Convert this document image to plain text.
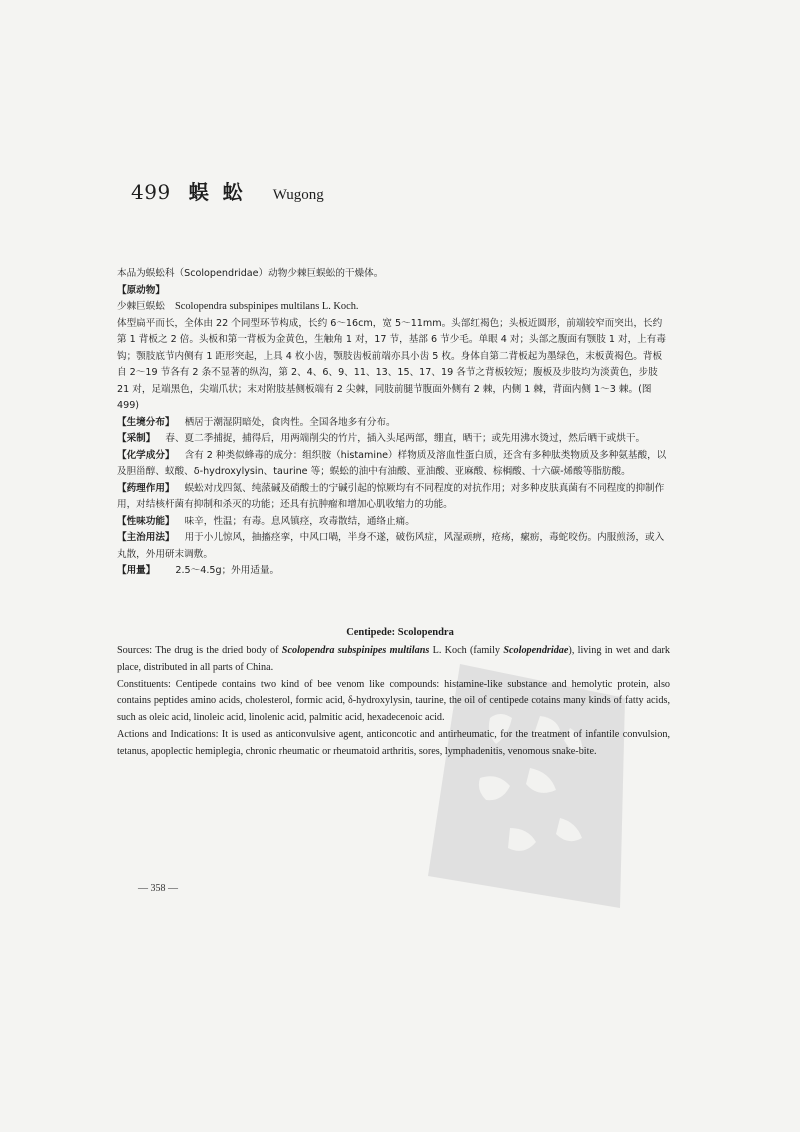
499 蜈蚣 Wugong

本品为蜈蚣科（Scolopendridae）动物少棘巨蜈蚣的干燥体。

【原动物】

少棘巨蜈蚣 Scolopendra subspinipes multilans L. Koch.

体型扁平而长，全体由 22 个同型环节构成，长约 6～16cm，宽 5～11mm。头部红褐色；头板近圆形，前端较窄而突出，长约第 1 背板之 2 倍。头板和第一背板为金黄色，生触角 1 对，17 节，基部 6 节少毛。单眼 4 对；头部之腹面有颚肢 1 对，上有毒钩；颚肢底节内侧有 1 距形突起，上具 4 枚小齿，颚肢齿板前端亦具小齿 5 枚。身体自第二背板起为墨绿色，末板黄褐色。背板自 2～19 节各有 2 条不显著的纵沟，第 2、4、6、9、11、13、15、17、19 各节之背板较短；腹板及步肢均为淡黄色，步肢 21 对，足端黑色，尖端爪状；末对附肢基侧板端有 2 尖棘，同肢前腿节腹面外侧有 2 棘，内侧 1 棘，背面内侧 1～3 棘。(图 499)

【生境分布】 栖居于潮湿阴暗处，食肉性。全国各地多有分布。

【采制】 春、夏二季捕捉，捕得后，用两端削尖的竹片，插入头尾两部，绷直，晒干；或先用沸水烫过，然后晒干或烘干。

【化学成分】 含有 2 种类似蜂毒的成分：组织胺（histamine）样物质及溶血性蛋白质，还含有多种肽类物质及多种氨基酸，以及胆甾醇、蚁酸、δ-hydroxylysin、taurine 等；蜈蚣的油中有油酸、亚油酸、亚麻酸、棕榈酸、十六碳-烯酸等脂肪酸。

【药理作用】 蜈蚣对戊四氮、纯蒎碱及硝酸士的宁碱引起的惊厥均有不同程度的对抗作用；对多种皮肤真菌有不同程度的抑制作用，对结核杆菌有抑制和杀灭的功能；还具有抗肿瘤和增加心肌收缩力的功能。

【性味功能】 味辛，性温；有毒。息风镇痉，攻毒散结，通络止痛。

【主治用法】 用于小儿惊风，抽搐痉挛，中风口喎，半身不遂，破伤风症，风湿顽痹，疮疡，瘰疬，毒蛇咬伤。内服煎汤，或入丸散，外用研末调敷。

【用量】 2.5～4.5g；外用适量。

Centipede: Scolopendra

Sources: The drug is the dried body of Scolopendra subspinipes multilans L. Koch (family Scolopendridae), living in wet and dark place, distributed in all parts of China.

Constituents: Centipede contains two kind of bee venom like compounds: histamine-like substance and hemolytic protein, also contains peptides amino acids, cholesterol, formic acid, δ-hydroxylysin, taurine, the oil of centipede cotains many kinds of fatty acids, such as oleic acid, linoleic acid, linolenic acid, palmitic acid, hexadecenoic acid.

Actions and Indications: It is used as anticonvulsive agent, anticoncotic and antirheumatic, for the treatment of infantile convulsion, tetanus, apoplectic hemiplegia, chronic rheumatic or rheumatoid arthritis, sores, lymphadenitis, venomous snake-bite.

— 358 —
